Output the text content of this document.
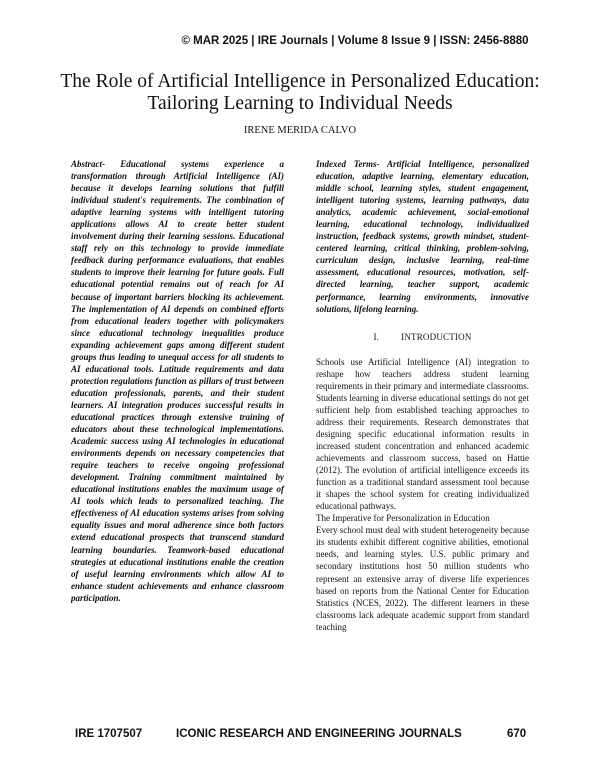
© MAR 2025 | IRE Journals | Volume 8 Issue 9 | ISSN: 2456-8880
The Role of Artificial Intelligence in Personalized Education: Tailoring Learning to Individual Needs
IRENE MERIDA CALVO

Abstract- Educational systems experience a transformation through Artificial Intelligence (AI) because it develops learning solutions that fulfill individual student's requirements. The combination of adaptive learning systems with intelligent tutoring applications allows AI to create better student involvement during their learning sessions. Educational staff rely on this technology to provide immediate feedback during performance evaluations, that enables students to improve their learning for future goals. Full educational potential remains out of reach for AI because of important barriers blocking its achievement. The implementation of AI depends on combined efforts from educational leaders together with policymakers since educational technology inequalities produce expanding achievement gaps among different student groups thus leading to unequal access for all students to AI educational tools. Latitude requirements and data protection regulations function as pillars of trust between education professionals, parents, and their student learners. AI integration produces successful results in educational practices through extensive training of educators about these technological implementations. Academic success using AI technologies in educational environments depends on necessary competencies that require teachers to receive ongoing professional development. Training commitment maintained by educational institutions enables the maximum usage of AI tools which leads to personalized teaching. The effectiveness of AI education systems arises from solving equality issues and moral adherence since both factors extend educational prospects that transcend standard learning boundaries. Teamwork-based educational strategies at educational institutions enable the creation of useful learning environments which allow AI to enhance student achievements and enhance classroom participation.

Indexed Terms- Artificial Intelligence, personalized education, adaptive learning, elementary education, middle school, learning styles, student engagement, intelligent tutoring systems, learning pathways, data analytics, academic achievement, social-emotional learning, educational technology, individualized instruction, feedback systems, growth mindset, student-centered learning, critical thinking, problem-solving, curriculum design, inclusive learning, real-time assessment, educational resources, motivation, self-directed learning, teacher support, academic performance, learning environments, innovative solutions, lifelong learning.

I. INTRODUCTION

Schools use Artificial Intelligence (AI) integration to reshape how teachers address student learning requirements in their primary and intermediate classrooms. Students learning in diverse educational settings do not get sufficient help from established teaching approaches to address their requirements. Research demonstrates that designing specific educational information results in increased student concentration and enhanced academic achievements and classroom success, based on Hattie (2012). The evolution of artificial intelligence exceeds its function as a traditional standard assessment tool because it shapes the school system for creating individualized educational pathways.

The Imperative for Personalization in Education

Every school must deal with student heterogeneity because its students exhibit different cognitive abilities, emotional needs, and learning styles. U.S. public primary and secondary institutions host 50 million students who represent an extensive array of diverse life experiences based on reports from the National Center for Education Statistics (NCES, 2022). The different learners in these classrooms lack adequate academic support from standard teaching

IRE 1707507	ICONIC RESEARCH AND ENGINEERING JOURNALS	670
